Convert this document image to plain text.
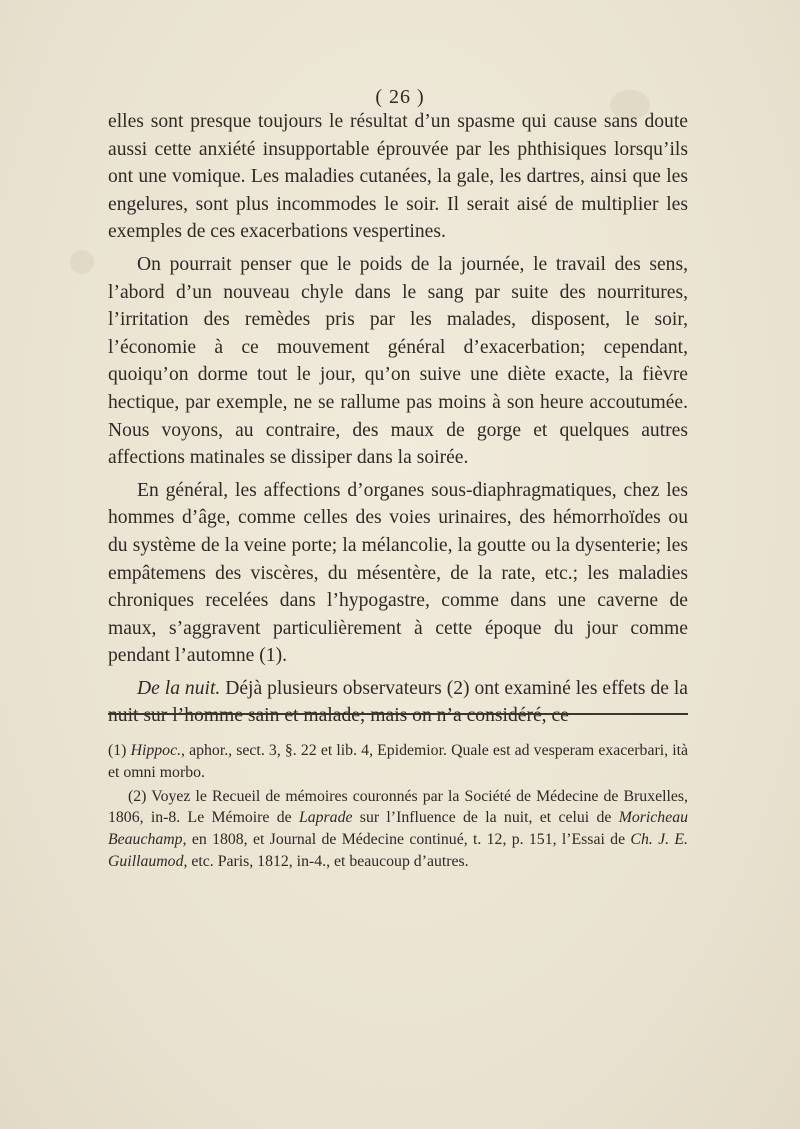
( 26 )

elles sont presque toujours le résultat d’un spasme qui cause sans doute aussi cette anxiété insupportable éprouvée par les phthisiques lorsqu’ils ont une vomique. Les maladies cutanées, la gale, les dartres, ainsi que les engelures, sont plus incommodes le soir. Il serait aisé de multiplier les exemples de ces exacerbations vespertines.

On pourrait penser que le poids de la journée, le travail des sens, l’abord d’un nouveau chyle dans le sang par suite des nourritures, l’irritation des remèdes pris par les malades, disposent, le soir, l’économie à ce mouvement général d’exacerbation; cependant, quoiqu’on dorme tout le jour, qu’on suive une diète exacte, la fièvre hectique, par exemple, ne se rallume pas moins à son heure accoutumée. Nous voyons, au contraire, des maux de gorge et quelques autres affections matinales se dissiper dans la soirée.

En général, les affections d’organes sous-diaphragmatiques, chez les hommes d’âge, comme celles des voies urinaires, des hémorrhoïdes ou du système de la veine porte; la mélancolie, la goutte ou la dysenterie; les empâtemens des viscères, du mésentère, de la rate, etc.; les maladies chroniques recelées dans l’hypogastre, comme dans une caverne de maux, s’aggravent particulièrement à cette époque du jour comme pendant l’automne (1).

De la nuit. Déjà plusieurs observateurs (2) ont examiné les effets de la nuit sur l’homme sain et malade; mais on n’a considéré, ce

(1) Hippoc., aphor., sect. 3, §. 22 et lib. 4, Epidemior. Quale est ad vesperam exacerbari, ità et omni morbo.

(2) Voyez le Recueil de mémoires couronnés par la Société de Médecine de Bruxelles, 1806, in-8. Le Mémoire de Laprade sur l’Influence de la nuit, et celui de Moricheau Beauchamp, en 1808, et Journal de Médecine continué, t. 12, p. 151, l’Essai de Ch. J. E. Guillaumod, etc. Paris, 1812, in-4., et beaucoup d’autres.
